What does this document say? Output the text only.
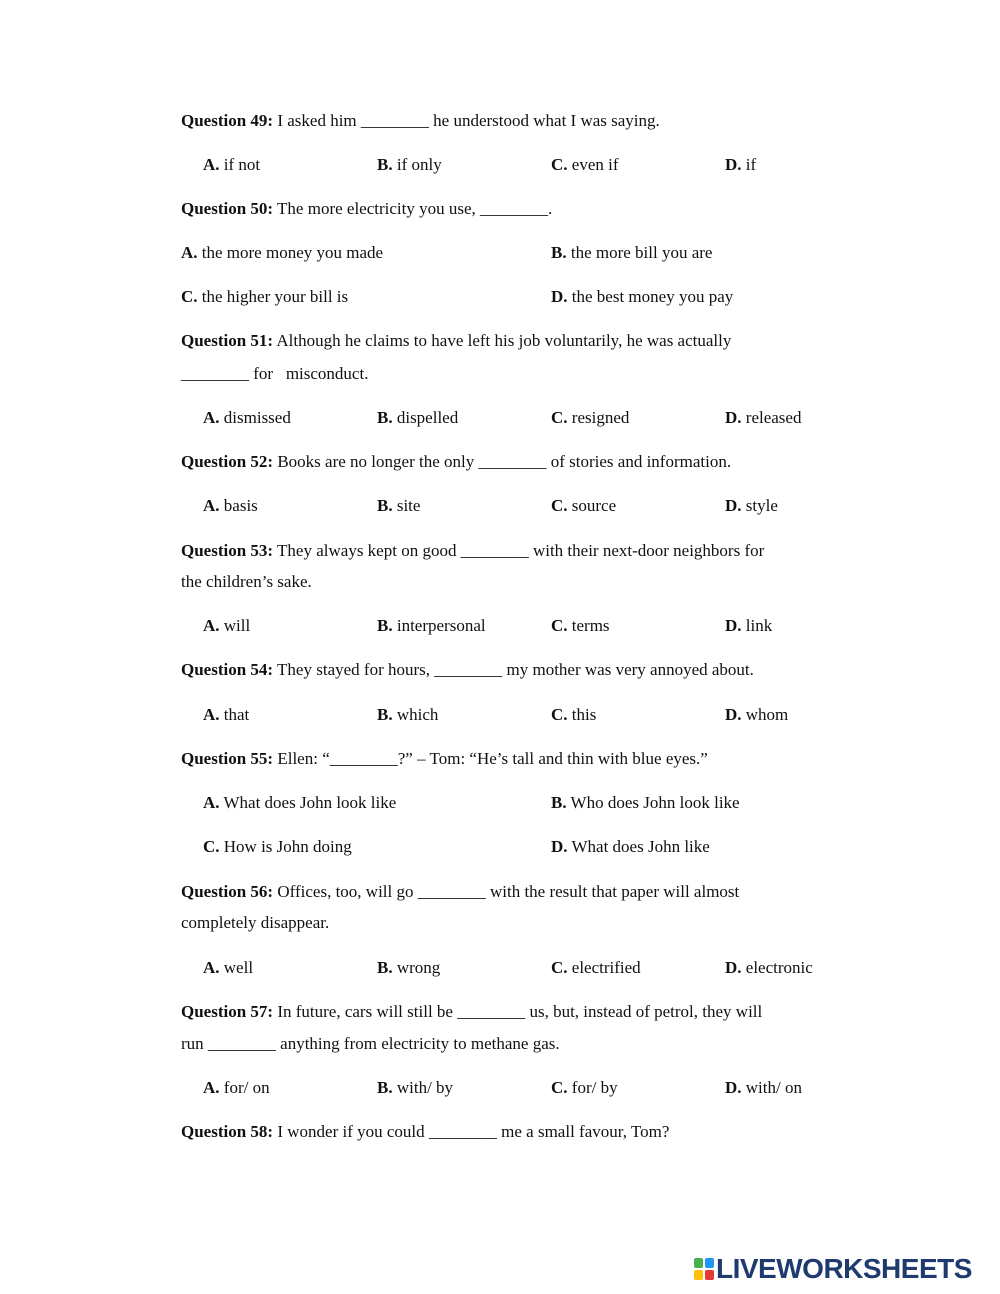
Question 49: I asked him ________ he understood what I was saying.
A. if not	B. if only	C. even if	D. if
Question 50: The more electricity you use, ________.
A. the more money you made	B. the more bill you are
C. the higher your bill is	D. the best money you pay
Question 51: Although he claims to have left his job voluntarily, he was actually
________ for   misconduct.
A. dismissed	B. dispelled	C. resigned	D. released
Question 52: Books are no longer the only ________ of stories and information.
A. basis	B. site	C. source	D. style
Question 53: They always kept on good ________ with their next-door neighbors for
the children’s sake.
A. will	B. interpersonal	C. terms	D. link
Question 54: They stayed for hours, ________ my mother was very annoyed about.
A. that	B. which	C. this	D. whom
Question 55: Ellen: “________?” – Tom: “He’s tall and thin with blue eyes.”
A. What does John look like	B. Who does John look like
C. How is John doing	D. What does John like
Question 56: Offices, too, will go ________ with the result that paper will almost
completely disappear.
A. well	B. wrong	C. electrified	D. electronic
Question 57: In future, cars will still be ________ us, but, instead of petrol, they will
run ________ anything from electricity to methane gas.
A. for/ on	B. with/ by	C. for/ by	D. with/ on
Question 58: I wonder if you could ________ me a small favour, Tom?
LIVEWORKSHEETS
